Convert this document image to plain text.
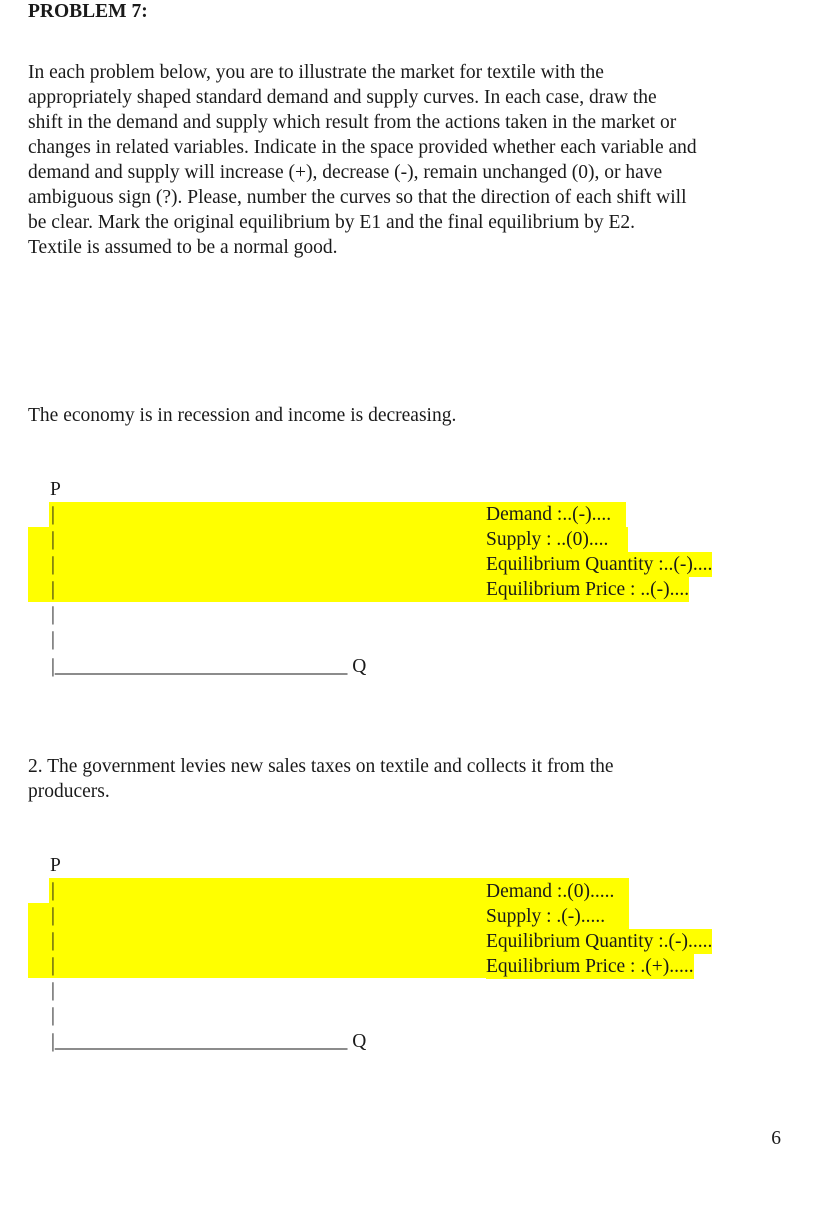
PROBLEM 7:
In each problem below, you are to illustrate the market for textile with the
appropriately shaped standard demand and supply curves. In each case, draw the
shift in the demand and supply which result from the actions taken in the market or
changes in related variables. Indicate in the space provided whether each variable and
demand and supply will increase (+), decrease (-), remain unchanged (0), or have
ambiguous sign (?). Please, number the curves so that the direction of each shift will
be clear. Mark the original equilibrium by E1 and the final equilibrium by E2.
Textile is assumed to be a normal good.
The economy is in recession and income is decreasing.
P
|
|
|
|
|
|
|______________________________ Q
Demand :..(-)....
Supply : ..(0)....
Equilibrium Quantity :..(-)....
Equilibrium Price : ..(-)....
2. The government levies new sales taxes on textile and collects it from the
producers.
P
|
|
|
|
|
|
|______________________________ Q
Demand :.(0).....
Supply : .(-).....
Equilibrium Quantity :.(-).....
Equilibrium Price : .(+).....
6
